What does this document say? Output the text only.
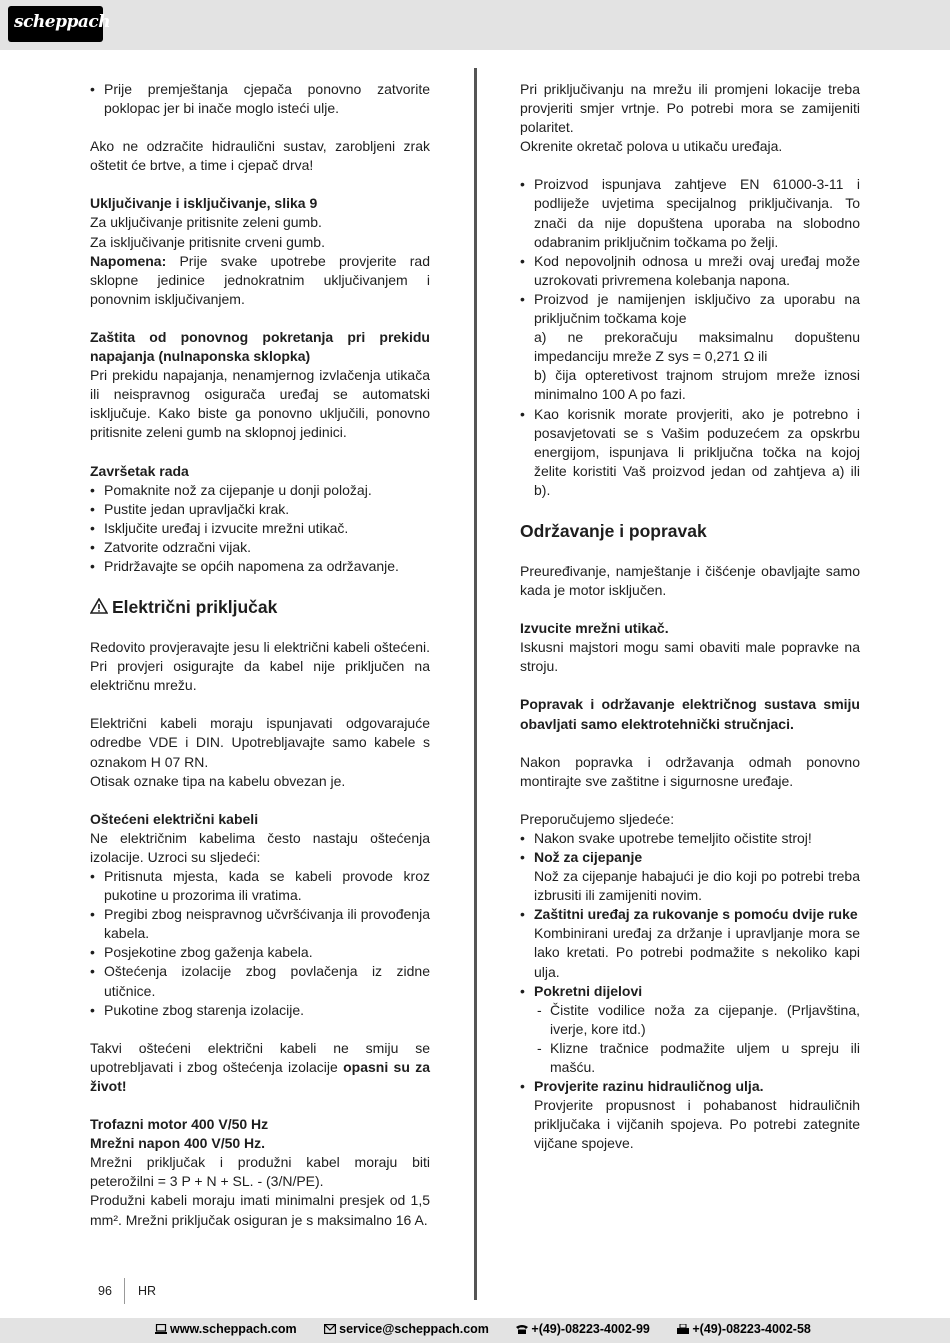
scheppach
• Prije premještanja cjepača ponovno zatvorite poklopac jer bi inače moglo isteći ulje.

Ako ne odzračite hidraulični sustav, zarobljeni zrak oštetit će brtve, a time i cjepač drva!

Uključivanje i isključivanje, slika 9

Za uključivanje pritisnite zeleni gumb.

Za isključivanje pritisnite crveni gumb.

Napomena: Prije svake upotrebe provjerite rad sklopne jedinice jednokratnim uključivanjem i ponovnim isključivanjem.

Zaštita od ponovnog pokretanja pri prekidu napajanja (nulnaponska sklopka)

Pri prekidu napajanja, nenamjernog izvlačenja utikača ili neispravnog osigurača uređaj se automatski isključuje. Kako biste ga ponovno uključili, ponovno pritisnite zeleni gumb na sklopnoj jedinici.

Završetak rada

• Pomaknite nož za cijepanje u donji položaj.
• Pustite jedan upravljački krak.
• Isključite uređaj i izvucite mrežni utikač.
• Zatvorite odzračni vijak.
• Pridržavajte se općih napomena za održavanje.

Električni priključak

Redovito provjeravajte jesu li električni kabeli oštećeni. Pri provjeri osigurajte da kabel nije priključen na električnu mrežu.

Električni kabeli moraju ispunjavati odgovarajuće odredbe VDE i DIN. Upotrebljavajte samo kabele s oznakom H 07 RN.

Otisak oznake tipa na kabelu obvezan je.

Oštećeni električni kabeli

Ne električnim kabelima često nastaju oštećenja izolacije. Uzroci su sljedeći:

• Pritisnuta mjesta, kada se kabeli provode kroz pukotine u prozorima ili vratima.
• Pregibi zbog neispravnog učvršćivanja ili provođenja kabela.
• Posjekotine zbog gaženja kabela.
• Oštećenja izolacije zbog povlačenja iz zidne utičnice.
• Pukotine zbog starenja izolacije.

Takvi oštećeni električni kabeli ne smiju se upotrebljavati i zbog oštećenja izolacije opasni su za život!

Trofazni motor 400 V/50 Hz

Mrežni napon 400 V/50 Hz.

Mrežni priključak i produžni kabel moraju biti peterožilni = 3 P + N + SL. - (3/N/PE).

Produžni kabeli moraju imati minimalni presjek od 1,5 mm². Mrežni priključak osiguran je s maksimalno 16 A.

Pri priključivanju na mrežu ili promjeni lokacije treba provjeriti smjer vrtnje. Po potrebi mora se zamijeniti polaritet.

Okrenite okretač polova u utikaču uređaja.

• Proizvod ispunjava zahtjeve EN 61000-3-11 i podliježe uvjetima specijalnog priključivanja. To znači da nije dopuštena uporaba na slobodno odabranim priključnim točkama po želji.
• Kod nepovoljnih odnosa u mreži ovaj uređaj može uzrokovati privremena kolebanja napona.
• Proizvod je namijenjen isključivo za uporabu na priključnim točkama koje
a) ne prekoračuju maksimalnu dopuštenu impedanciju mreže Z sys = 0,271 Ω ili
b) čija opteretivost trajnom strujom mreže iznosi minimalno 100 A po fazi.
• Kao korisnik morate provjeriti, ako je potrebno i posavjetovati se s Vašim poduzećem za opskrbu energijom, ispunjava li priključna točka na kojoj želite koristiti Vaš proizvod jedan od zahtjeva a) ili b).

Održavanje i popravak

Preuređivanje, namještanje i čišćenje obavljajte samo kada je motor isključen.

Izvucite mrežni utikač.

Iskusni majstori mogu sami obaviti male popravke na stroju.

Popravak i održavanje električnog sustava smiju obavljati samo elektrotehnički stručnjaci.

Nakon popravka i održavanja odmah ponovno montirajte sve zaštitne i sigurnosne uređaje.

Preporučujemo sljedeće:

• Nakon svake upotrebe temeljito očistite stroj!
• Nož za cijepanje
Nož za cijepanje habajući je dio koji po potrebi treba izbrusiti ili zamijeniti novim.
• Zaštitni uređaj za rukovanje s pomoću dvije ruke
Kombinirani uređaj za držanje i upravljanje mora se lako kretati. Po potrebi podmažite s nekoliko kapi ulja.
• Pokretni dijelovi
- Čistite vodilice noža za cijepanje. (Prljavština, iverje, kore itd.)
- Klizne tračnice podmažite uljem u spreju ili mašću.
• Provjerite razinu hidrauličnog ulja.
Provjerite propusnost i pohabanost hidrauličnih priključaka i vijčanih spojeva. Po potrebi zategnite vijčane spojeve.
96 HR
www.scheppach.com	service@scheppach.com	+(49)-08223-4002-99	+(49)-08223-4002-58
